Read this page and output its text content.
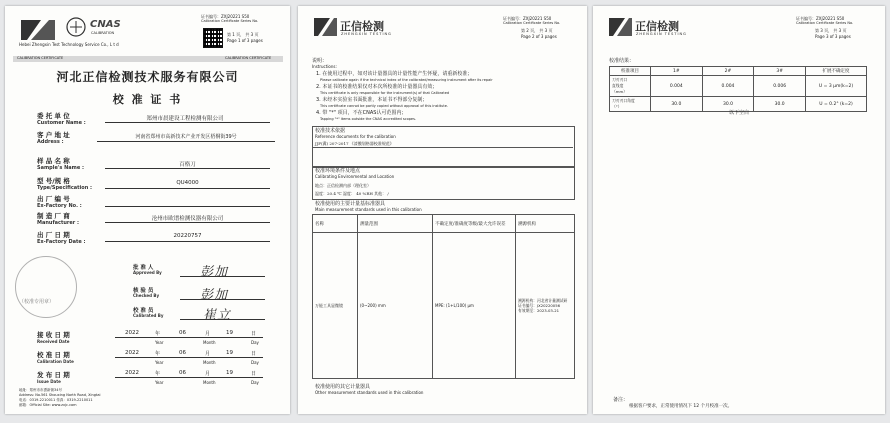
CNAS
CALIBRATION
Hebei Zhengxin Test Technology Service Co., L t d
证书编号：ZXJ20221 S50
Calibration Certificate Series No.
第 1 页， 共 3 页
Page 1 of 3 pages
CALIBRATION CERTIFICATE	CALIBRATION CERTIFICATE
河北正信检测技术服务有限公司
校 准 证 书
委 托 单 位
Customer Name :
郑州市晨建设工程检测有限公司
客 户 地 址
Address :
河南省郑州市高新技术产业开发区梧桐街39号
样 品 名 称
Sample's Name :	百格刀
型 号/规 格
Type/Specification :
QU4000
出 厂 编 号
Ex-Factory No. :
制 造 厂 商
Manufacturer :
沧州市欧谱检测仪器有限公司
出 厂 日 期
Ex-Factory Date :
20220757
（校准专用章）
批 准 人
Approved By	彭加
核 验 员
Checked By	彭加
校 准 员
Calibrated By	崔立
接 收 日 期
Received Date
2022	年	06	月	19	日
Year	Month	Day
校 准 日 期
Calibration Date
2022	年	06	月	19	日
Year	Month	Day
发 布 日 期
Issue Date
2022	年	06	月	19	日
Year	Month	Day
地址：郑州市市漂新街34号
Address: No.561 Shouxing North Road, Xingtai
电话：0319-2210011 传真：0319-2210011
邮箱：Official Site: www.zxjc.com
正信检测
ZHENGXIN TESTING
证书编号：ZXJ20221 S50
Calibration Certificate Series No.
第 2 页， 共 3 页
Page 2 of 3 pages
说明：
Instructions:
1. 在使用过程中，如对该计量器具的计量性能产生怀疑，请重新校准；
Please calibrate again if the technical index of the calibrated/measuring instrument after its repair
2. 本证书的校准结果仅对本次所校准的计量器具有效；
This certificate is only responsible for the instrument(s) of that Calibrated
3. 未经本实验室书面批准，本证书不得部分复制；
This certificate cannot be partly copied without approval of this institute.
4. 带 "*" 项目，不在CNAS认可范围内；
Tapping "*" items outside the CNAS accredited scopes.
校准技术依据
Reference documents for the calibration
JJF(冀) 207-2017 《漆膜划格器校准规范》
校准环境条件及地点
Calibrating Environmental and Location
地点：正信检测内部（理化室）
温度：20.4 ℃ 湿度： 40 %RH 其他： /
校准使用的主要计量基标准器具
Main measurement standards used in this calibration
名称	测量范围	不确定度/准确度等级/最大允许误差	溯源机构
万能工具显微镜	(0~200) mm	MPE: (1+L/100) μm	溯源机构：河北省计量测试研
证书编号：JX20220056
有效期至：2023-03-21
校准使用的其它计量器具
Other measurement standards used in this calibration
正信检测
ZHENGXIN TESTING
证书编号：ZXJ20221 S50
Calibration Certificate Series No.
第 3 页， 共 3 页
Page 3 of 3 pages
校准结果：
校准项目	1#	2#	3#	扩展不确定度
刀刃刃口
直线度
（mm）	0.004	0.004	0.006	U = 3 μm(k=2)
刀刃刃口角度
（°）	30.0	30.0	30.0	U = 0.2° (k=2)
以下空白
备注：
根据客户要求，正常使用情况下 12 个月校准一次。
